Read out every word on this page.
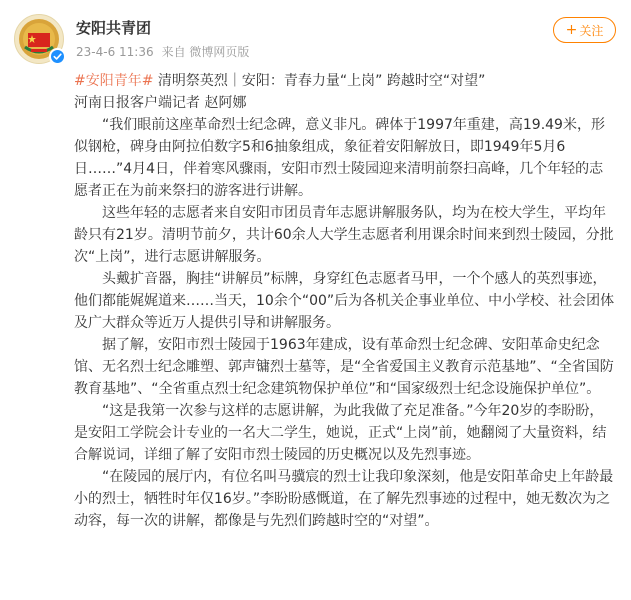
安阳共青团
23-4-6 11:36 来自 微博网页版
+ 关注

#安阳青年# 清明祭英烈｜安阳：青春力量“上岗” 跨越时空“对望”

河南日报客户端记者 赵阿娜

“我们眼前这座革命烈士纪念碑，意义非凡。碑体于1997年重建，高19.49米，形似钢枪，碑身由阿拉伯数字5和6抽象组成，象征着安阳解放日，即1949年5月6日……”4月4日，伴着寒风骤雨，安阳市烈士陵园迎来清明前祭扫高峰，几个年轻的志愿者正在为前来祭扫的游客进行讲解。

这些年轻的志愿者来自安阳市团员青年志愿讲解服务队，均为在校大学生，平均年龄只有21岁。清明节前夕，共计60余人大学生志愿者利用课余时间来到烈士陵园，分批次“上岗”，进行志愿讲解服务。

头戴扩音器，胸挂“讲解员”标牌，身穿红色志愿者马甲，一个个感人的英烈事迹，他们都能娓娓道来……当天，10余个“00”后为各机关企事业单位、中小学校、社会团体及广大群众等近万人提供引导和讲解服务。

据了解，安阳市烈士陵园于1963年建成，设有革命烈士纪念碑、安阳革命史纪念馆、无名烈士纪念雕塑、郭声镛烈士墓等，是“全省爱国主义教育示范基地”、“全省国防教育基地”、“全省重点烈士纪念建筑物保护单位”和“国家级烈士纪念设施保护单位”。

“这是我第一次参与这样的志愿讲解，为此我做了充足准备。”今年20岁的李盼盼，是安阳工学院会计专业的一名大二学生，她说，正式“上岗”前，她翻阅了大量资料，结合解说词，详细了解了安阳市烈士陵园的历史概况以及先烈事迹。

“在陵园的展厅内，有位名叫马骥宸的烈士让我印象深刻，他是安阳革命史上年龄最小的烈士，牺牲时年仅16岁。”李盼盼感慨道，在了解先烈事迹的过程中，她无数次为之动容，每一次的讲解，都像是与先烈们跨越时空的“对望”。
